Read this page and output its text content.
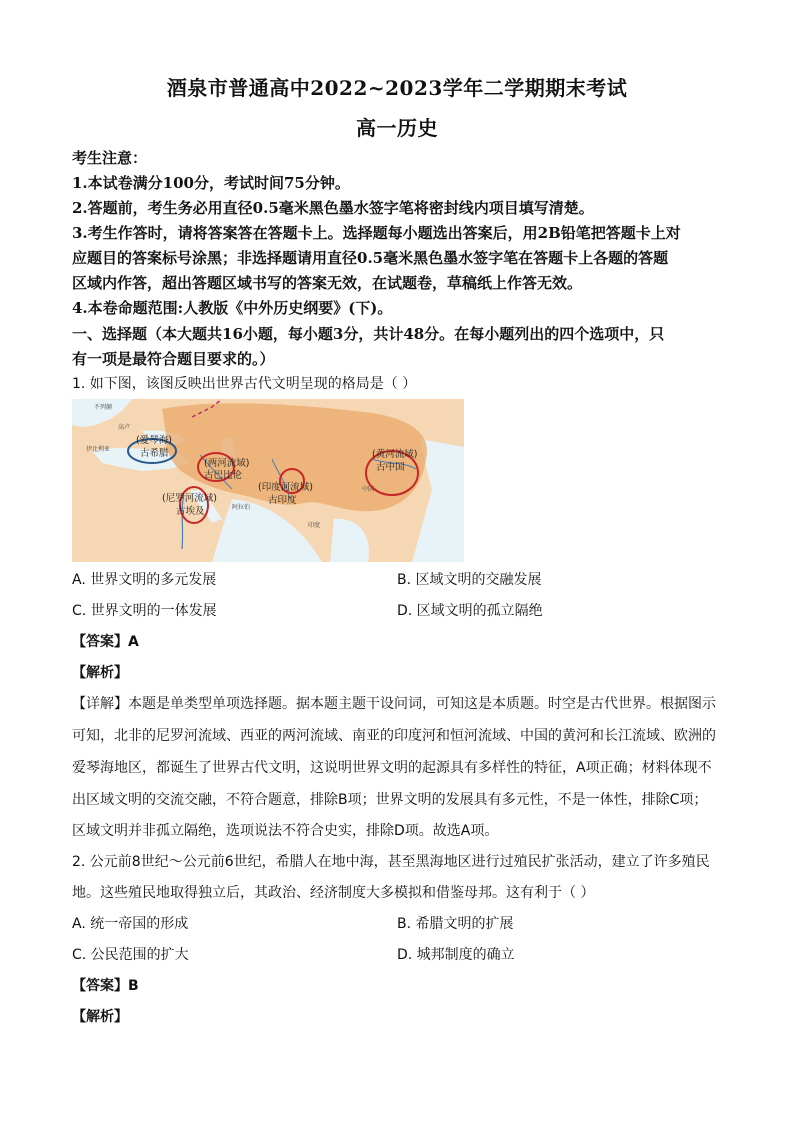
酒泉市普通高中2022~2023学年二学期期末考试
高一历史
考生注意：
1.本试卷满分100分，考试时间75分钟。
2.答题前，考生务必用直径0.5毫米黑色墨水签字笔将密封线内项目填写清楚。
3.考生作答时，请将答案答在答题卡上。选择题每小题选出答案后，用2B铅笔把答题卡上对
应题目的答案标号涂黑；非选择题请用直径0.5毫米黑色墨水签字笔在答题卡上各题的答题
区域内作答，超出答题区域书写的答案无效，在试题卷，草稿纸上作答无效。
4.本卷命题范围:人教版《中外历史纲要》(下)。
一、选择题（本大题共16小题，每小题3分，共计48分。在每小题列出的四个选项中，只
有一项是最符合题目要求的。）
1. 如下图，该图反映出世界古代文明呈现的格局是（ ）
(爱琴海)
古希腊
(两河流域)
古巴比伦
(尼罗河流域)
古埃及
(印度河流域)
古印度
(黄河流域)
古中国
不列颠
高卢
伊比利亚
阿拉伯
印度
中国
A. 世界文明的多元发展	B. 区域文明的交融发展
C. 世界文明的一体发展	D. 区域文明的孤立隔绝
【答案】A
【解析】
【详解】本题是单类型单项选择题。据本题主题干设问词，可知这是本质题。时空是古代世界。根据图示
可知，北非的尼罗河流域、西亚的两河流域、南亚的印度河和恒河流域、中国的黄河和长江流域、欧洲的
爱琴海地区，都诞生了世界古代文明，这说明世界文明的起源具有多样性的特征，A项正确；材料体现不
出区域文明的交流交融，不符合题意，排除B项；世界文明的发展具有多元性，不是一体性，排除C项；
区域文明并非孤立隔绝，选项说法不符合史实，排除D项。故选A项。
2. 公元前8世纪～公元前6世纪，希腊人在地中海，甚至黑海地区进行过殖民扩张活动，建立了许多殖民
地。这些殖民地取得独立后，其政治、经济制度大多模拟和借鉴母邦。这有利于（ ）
A. 统一帝国的形成	B. 希腊文明的扩展
C. 公民范围的扩大	D. 城邦制度的确立
【答案】B
【解析】
